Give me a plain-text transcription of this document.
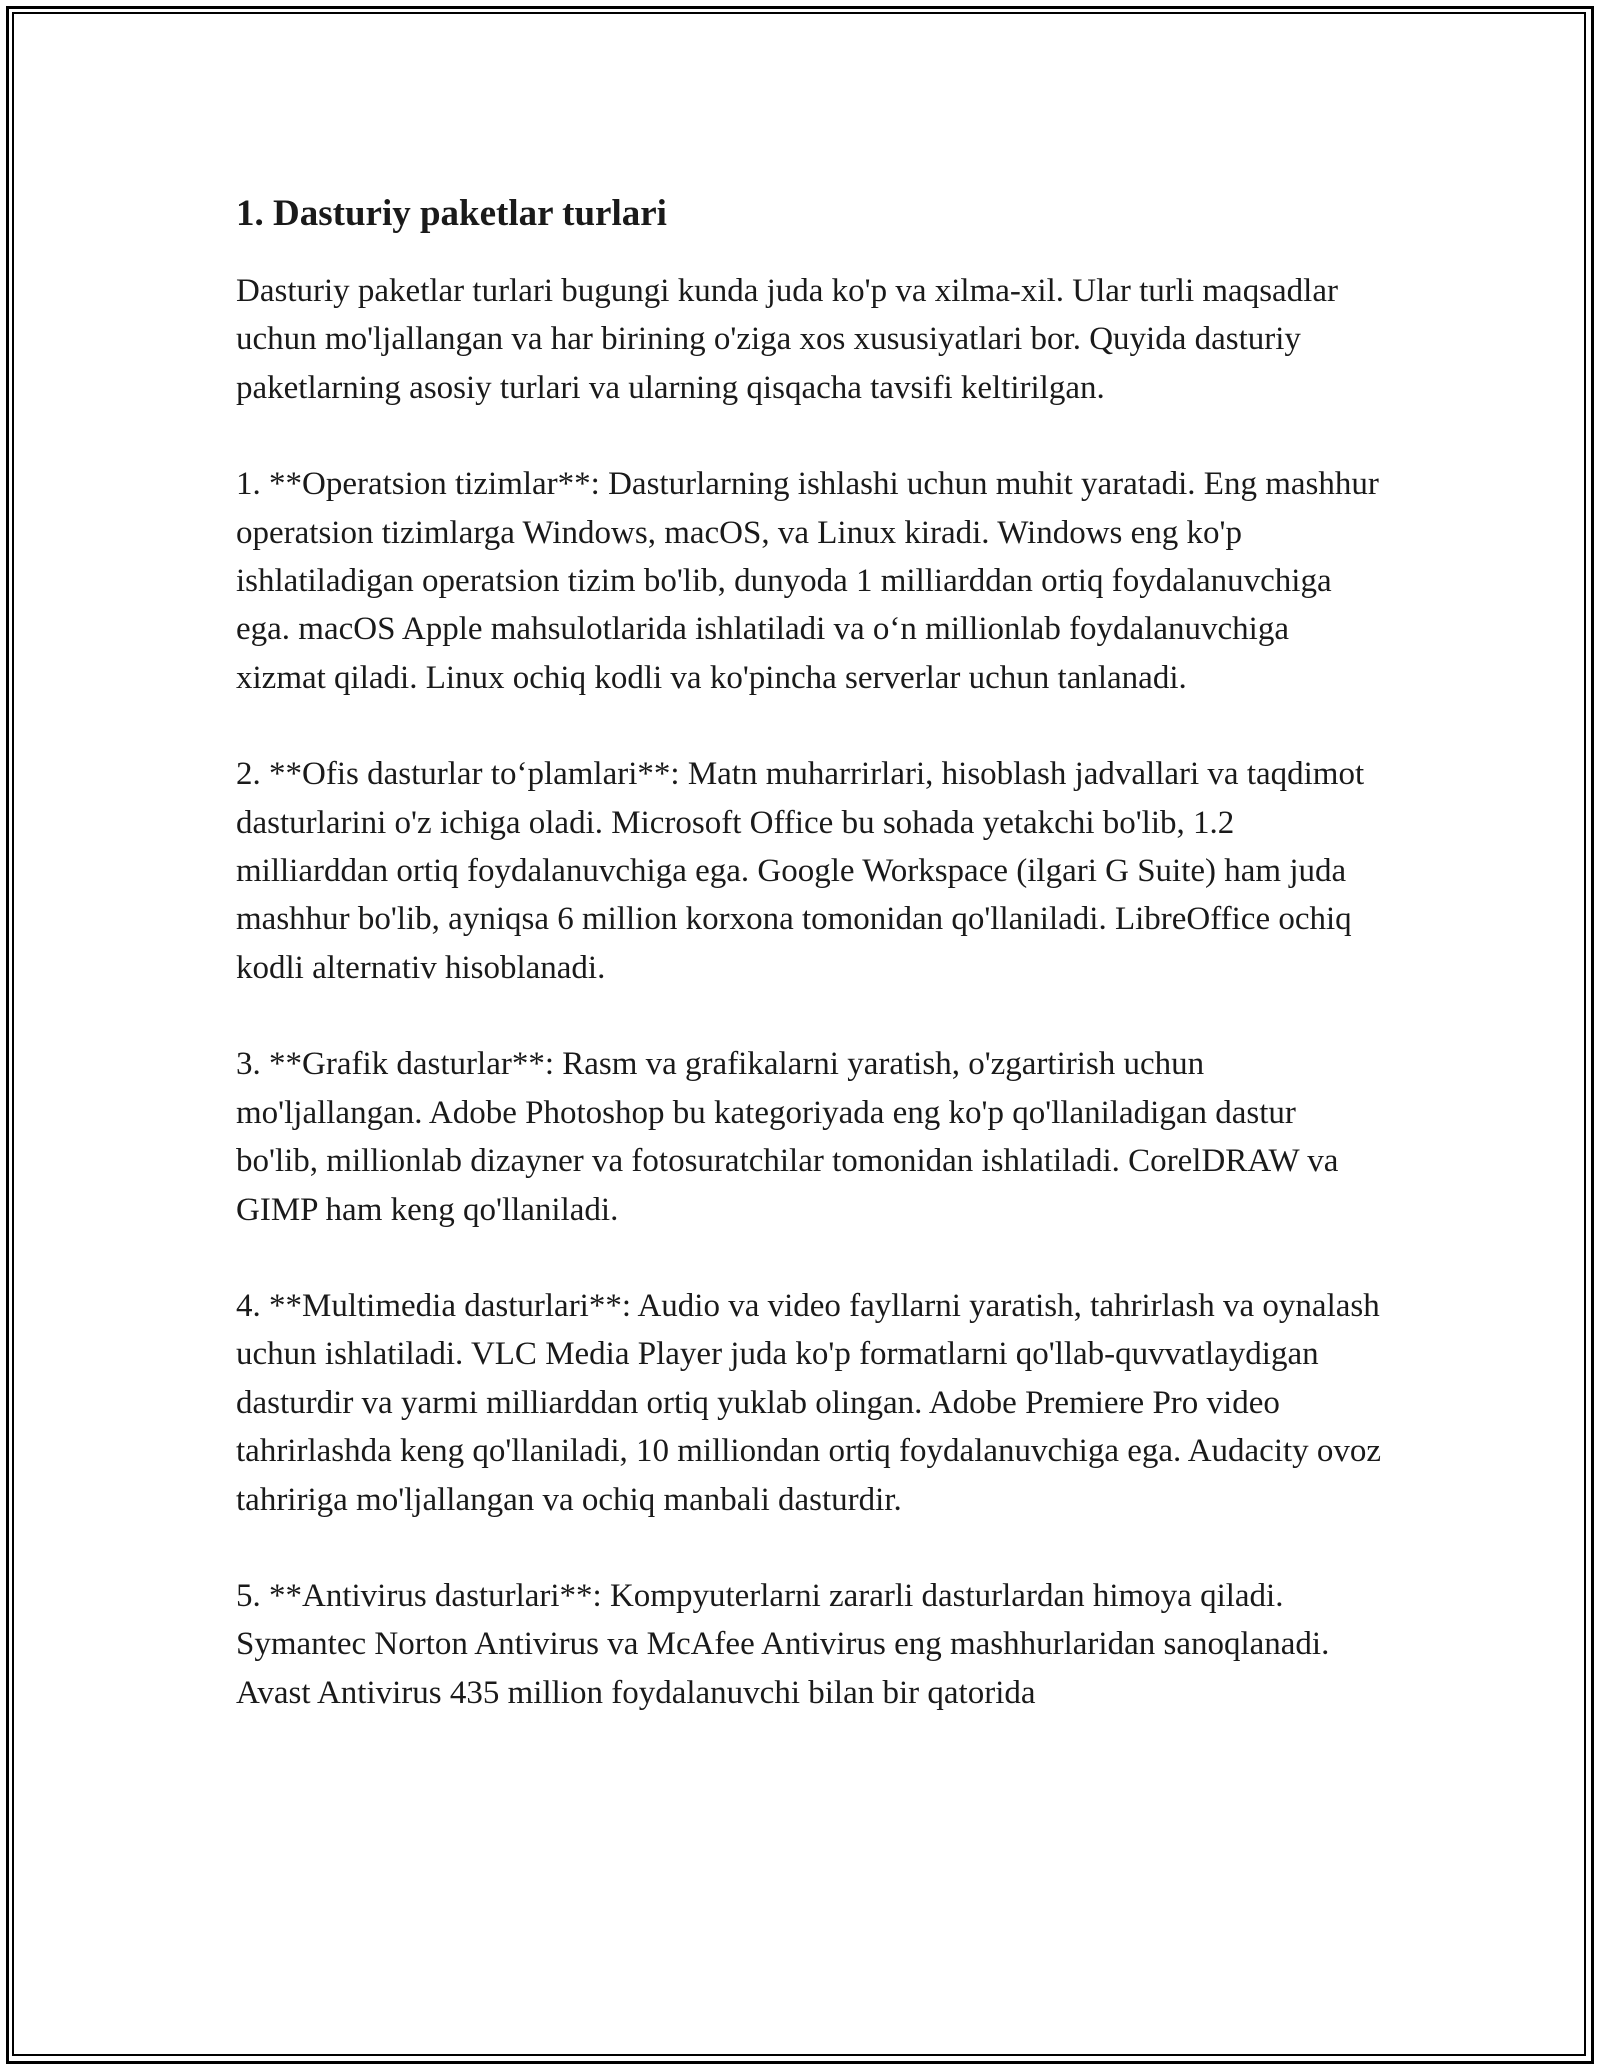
1. Dasturiy paketlar turlari

Dasturiy paketlar turlari bugungi kunda juda ko'p va xilma-xil. Ular turli maqsadlar uchun mo'ljallangan va har birining o'ziga xos xususiyatlari bor. Quyida dasturiy paketlarning asosiy turlari va ularning qisqacha tavsifi keltirilgan.

1. **Operatsion tizimlar**: Dasturlarning ishlashi uchun muhit yaratadi. Eng mashhur operatsion tizimlarga Windows, macOS, va Linux kiradi. Windows eng ko'p ishlatiladigan operatsion tizim bo'lib, dunyoda 1 milliarddan ortiq foydalanuvchiga ega. macOS Apple mahsulotlarida ishlatiladi va o‘n millionlab foydalanuvchiga xizmat qiladi. Linux ochiq kodli va ko'pincha serverlar uchun tanlanadi.

2. **Ofis dasturlar to‘plamlari**: Matn muharrirlari, hisoblash jadvallari va taqdimot dasturlarini o'z ichiga oladi. Microsoft Office bu sohada yetakchi bo'lib, 1.2 milliarddan ortiq foydalanuvchiga ega. Google Workspace (ilgari G Suite) ham juda mashhur bo'lib, ayniqsa 6 million korxona tomonidan qo'llaniladi. LibreOffice ochiq kodli alternativ hisoblanadi.

3. **Grafik dasturlar**: Rasm va grafikalarni yaratish, o'zgartirish uchun mo'ljallangan. Adobe Photoshop bu kategoriyada eng ko'p qo'llaniladigan dastur bo'lib, millionlab dizayner va fotosuratchilar tomonidan ishlatiladi. CorelDRAW va GIMP ham keng qo'llaniladi.

4. **Multimedia dasturlari**: Audio va video fayllarni yaratish, tahrirlash va oynalash uchun ishlatiladi. VLC Media Player juda ko'p formatlarni qo'llab-quvvatlaydigan dasturdir va yarmi milliarddan ortiq yuklab olingan. Adobe Premiere Pro video tahrirlashda keng qo'llaniladi, 10 milliondan ortiq foydalanuvchiga ega. Audacity ovoz tahririga mo'ljallangan va ochiq manbali dasturdir.

5. **Antivirus dasturlari**: Kompyuterlarni zararli dasturlardan himoya qiladi. Symantec Norton Antivirus va McAfee Antivirus eng mashhurlaridan sanoqlanadi. Avast Antivirus 435 million foydalanuvchi bilan bir qatorida
